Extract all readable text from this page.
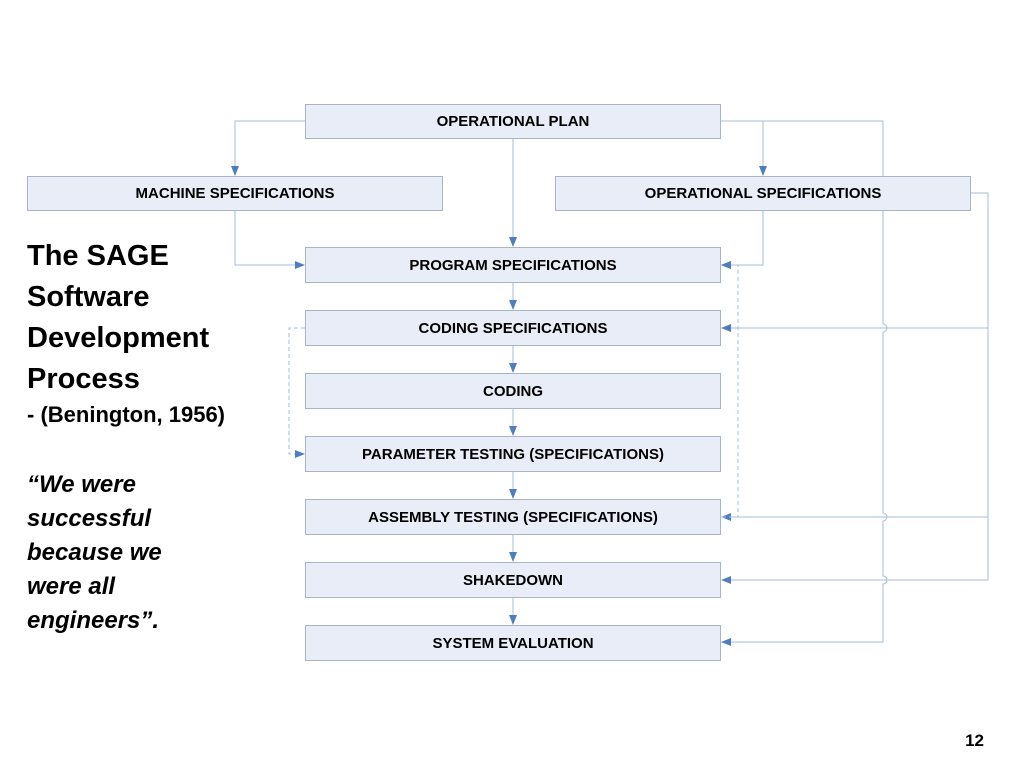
OPERATIONAL PLAN
MACHINE SPECIFICATIONS	OPERATIONAL SPECIFICATIONS
PROGRAM SPECIFICATIONS
CODING SPECIFICATIONS
CODING
PARAMETER TESTING (SPECIFICATIONS)
ASSEMBLY TESTING (SPECIFICATIONS)
SHAKEDOWN
SYSTEM EVALUATION
The SAGE
Software
Development
Process
- (Benington, 1956)
“We were
successful
because we
were all
engineers”.
12
